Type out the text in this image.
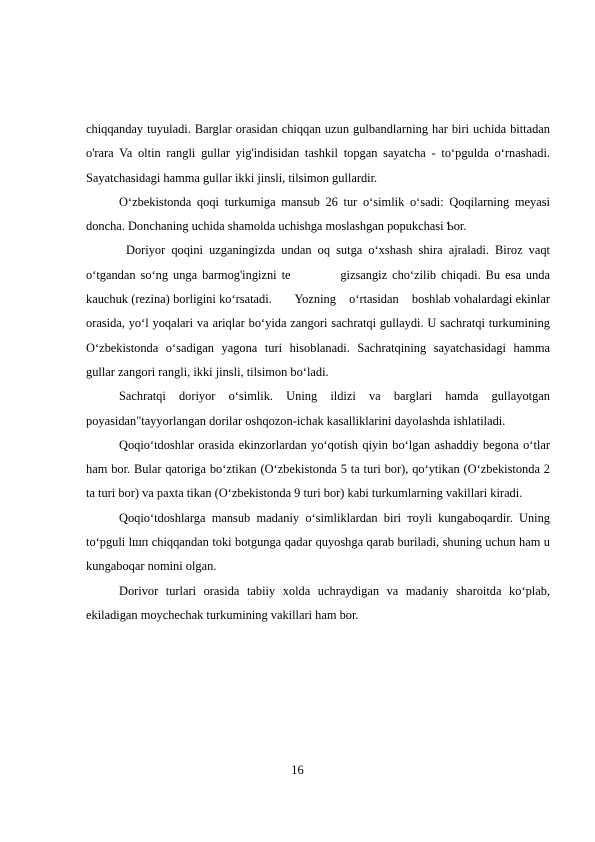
chiqqanday tuyuladi. Barglar orasidan chiqqan uzun gulbandlarning har biri uchida bittadan o'rara Va oltin rangli gullar yig'indisidan tashkil topgan sayatcha - to‘pgulda o‘rnashadi. Sayatchasidagi hamma gullar ikki jinsli, tilsimon gullardir.

O‘zbekistonda qoqi turkumiga mansub 26 tur o‘simlik o‘sadi: Qoqilarning meyasi doncha. Donchaning uchida shamolda uchishga moslashgan popukchasi Ƅor.

Doriyor qoqini uzganingizda undan oq sutga o‘xshash shira ajraladi. Biroz vaqt o‘tgandan so‘ng unga barmog'ingizni te          gizsangiz cho‘zilib chiqadi. Bu esa unda kauchuk (rezina) borligini ko‘rsatadi.       Yozning    o‘rtasidan    boshlab vohalardagi ekinlar orasida, yo‘l yoqalari va ariqlar bo‘yida zangori sachratqi gullaydi. U sachratqi turkumining O‘zbekistonda o‘sadigan yagona turi hisoblanadi. Sachratqining sayatchasidagi hamma gullar zangori rangli, ikki jinsli, tilsimon bo‘ladi.

Sachratqi doriyor o‘simlik. Uning ildizi va barglari hamda gullayotgan poyasidan"tayyorlangan dorilar oshqozon-ichak kasalliklarini dayolashda ishlatiladi.

Qoqio‘tdoshlar orasida ekinzorlardan yo‘qotish qiyin bo‘lgan ashaddiy begona o‘tlar ham bor. Bular qatoriga bo‘ztikan (O‘zbekistonda 5 ta turi bor), qo‘ytikan (O‘zbekistonda 2 ta turi bor) va paxta tikan (O‘zbekistonda 9 turi bor) kabi turkumlarning vakillari kiradi.

Qoqio‘tdoshlarga mansub madaniy o‘simliklardan biri тoyli kungaboqardir. Uning to‘pguli lшп chiqqandan toki botgunga qadar quyoshga qarab buriladi, shuning uchun ham u kungaboqar nomini olgan.

Dorivor turlari orasida tabiiy xolda uchraydigan va madaniy sharoitda ko‘plab, ekiladigan moychechak turkumining vakillari ham bor.

16
